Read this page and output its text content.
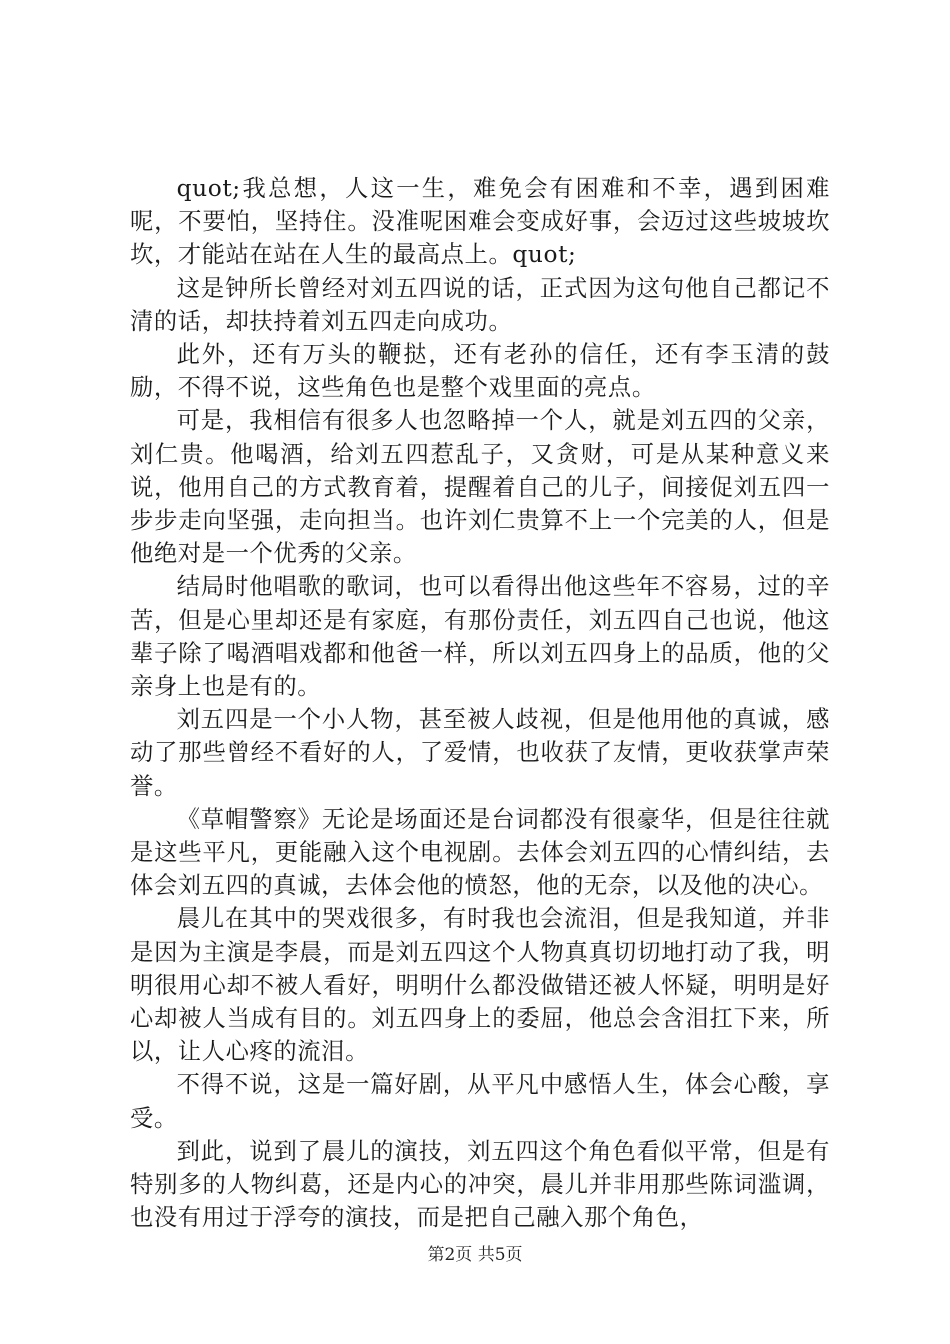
quot;我总想，人这一生，难免会有困难和不幸，遇到困难呢，不要怕，坚持住。没准呢困难会变成好事，会迈过这些坡坡坎坎，才能站在站在人生的最高点上。quot;

这是钟所长曾经对刘五四说的话，正式因为这句他自己都记不清的话，却扶持着刘五四走向成功。

此外，还有万头的鞭挞，还有老孙的信任，还有李玉清的鼓励，不得不说，这些角色也是整个戏里面的亮点。

可是，我相信有很多人也忽略掉一个人，就是刘五四的父亲，刘仁贵。他喝酒，给刘五四惹乱子，又贪财，可是从某种意义来说，他用自己的方式教育着，提醒着自己的儿子，间接促刘五四一步步走向坚强，走向担当。也许刘仁贵算不上一个完美的人，但是他绝对是一个优秀的父亲。

结局时他唱歌的歌词，也可以看得出他这些年不容易，过的辛苦，但是心里却还是有家庭，有那份责任，刘五四自己也说，他这辈子除了喝酒唱戏都和他爸一样，所以刘五四身上的品质，他的父亲身上也是有的。

刘五四是一个小人物，甚至被人歧视，但是他用他的真诚，感动了那些曾经不看好的人，了爱情，也收获了友情，更收获掌声荣誉。

《草帽警察》无论是场面还是台词都没有很豪华，但是往往就是这些平凡，更能融入这个电视剧。去体会刘五四的心情纠结，去体会刘五四的真诚，去体会他的愤怒，他的无奈，以及他的决心。

晨儿在其中的哭戏很多，有时我也会流泪，但是我知道，并非是因为主演是李晨，而是刘五四这个人物真真切切地打动了我，明明很用心却不被人看好，明明什么都没做错还被人怀疑，明明是好心却被人当成有目的。刘五四身上的委屈，他总会含泪扛下来，所以，让人心疼的流泪。

不得不说，这是一篇好剧，从平凡中感悟人生，体会心酸，享受。

到此，说到了晨儿的演技，刘五四这个角色看似平常，但是有特别多的人物纠葛，还是内心的冲突，晨儿并非用那些陈词滥调，也没有用过于浮夸的演技，而是把自己融入那个角色，

第2页 共5页
